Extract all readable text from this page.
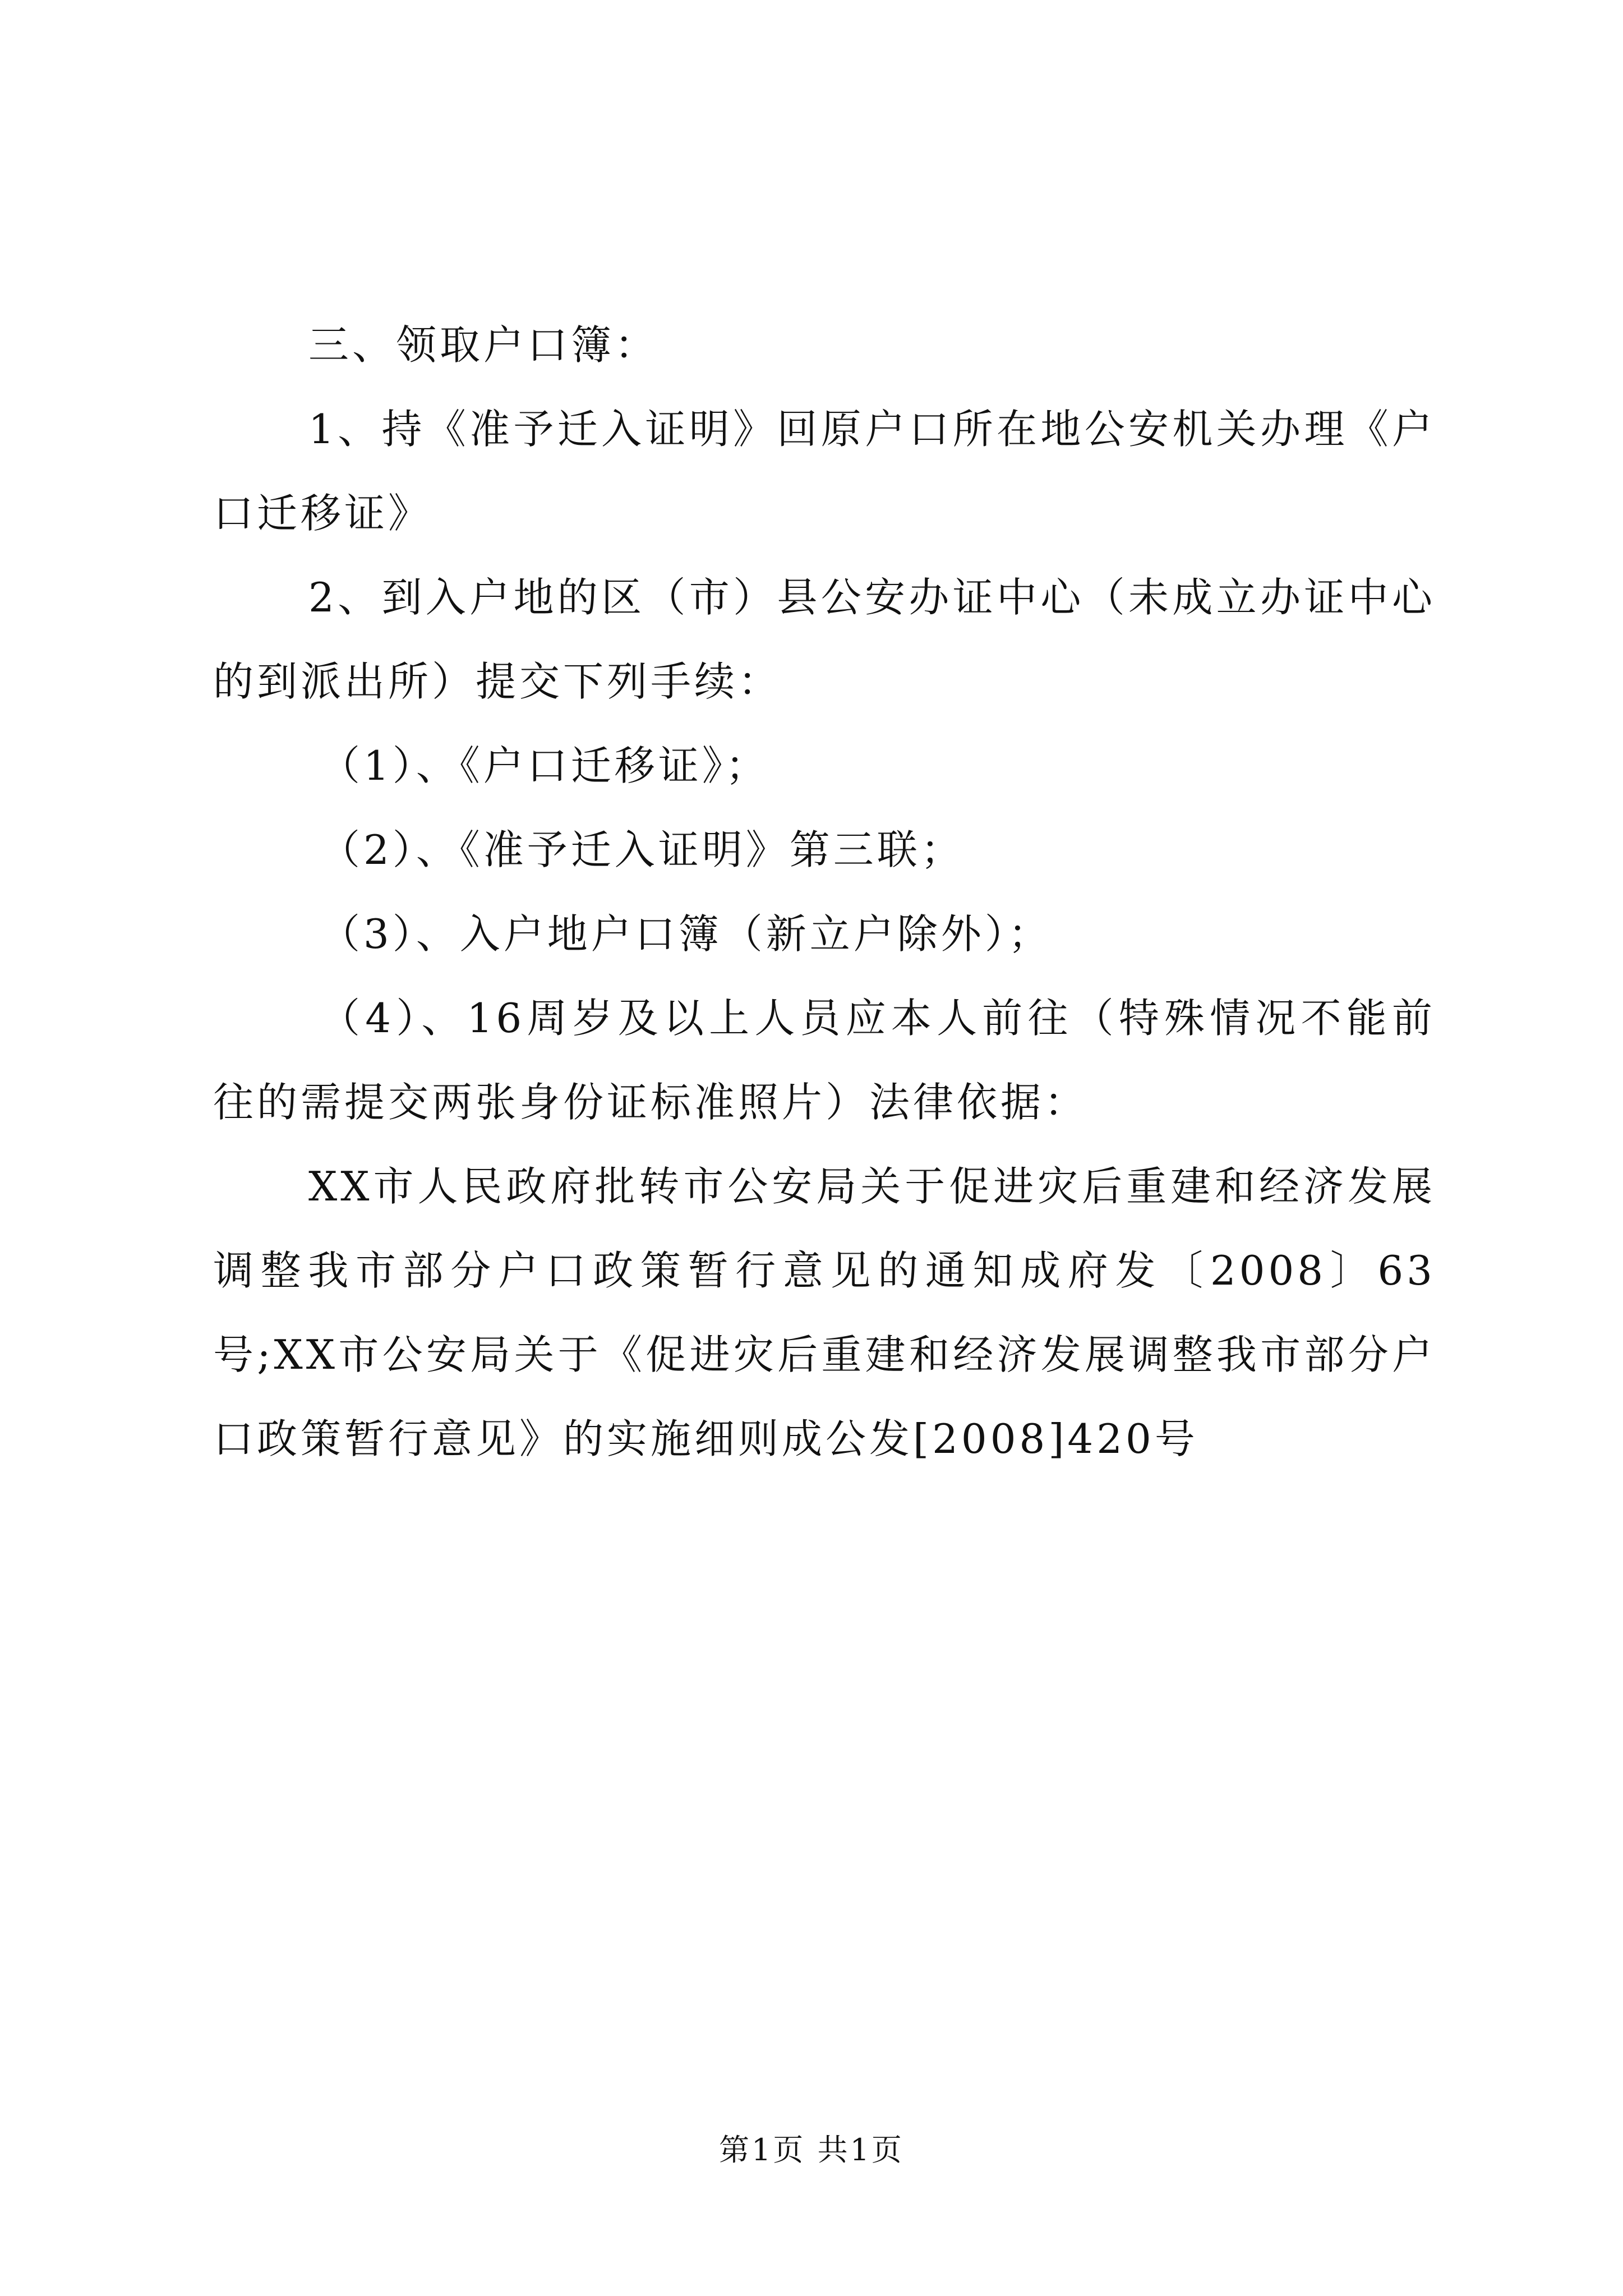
三、领取户口簿：

1、持《准予迁入证明》回原户口所在地公安机关办理《户口迁移证》

2、到入户地的区（市）县公安办证中心（未成立办证中心的到派出所）提交下列手续：

（1）、《户口迁移证》；

（2）、《准予迁入证明》第三联；

（3）、入户地户口簿（新立户除外）；

（4）、16周岁及以上人员应本人前往（特殊情况不能前往的需提交两张身份证标准照片）法律依据：

XX市人民政府批转市公安局关于促进灾后重建和经济发展调整我市部分户口政策暂行意见的通知成府发〔2008〕63号;XX市公安局关于《促进灾后重建和经济发展调整我市部分户口政策暂行意见》的实施细则成公发[2008]420号

第1页 共1页
